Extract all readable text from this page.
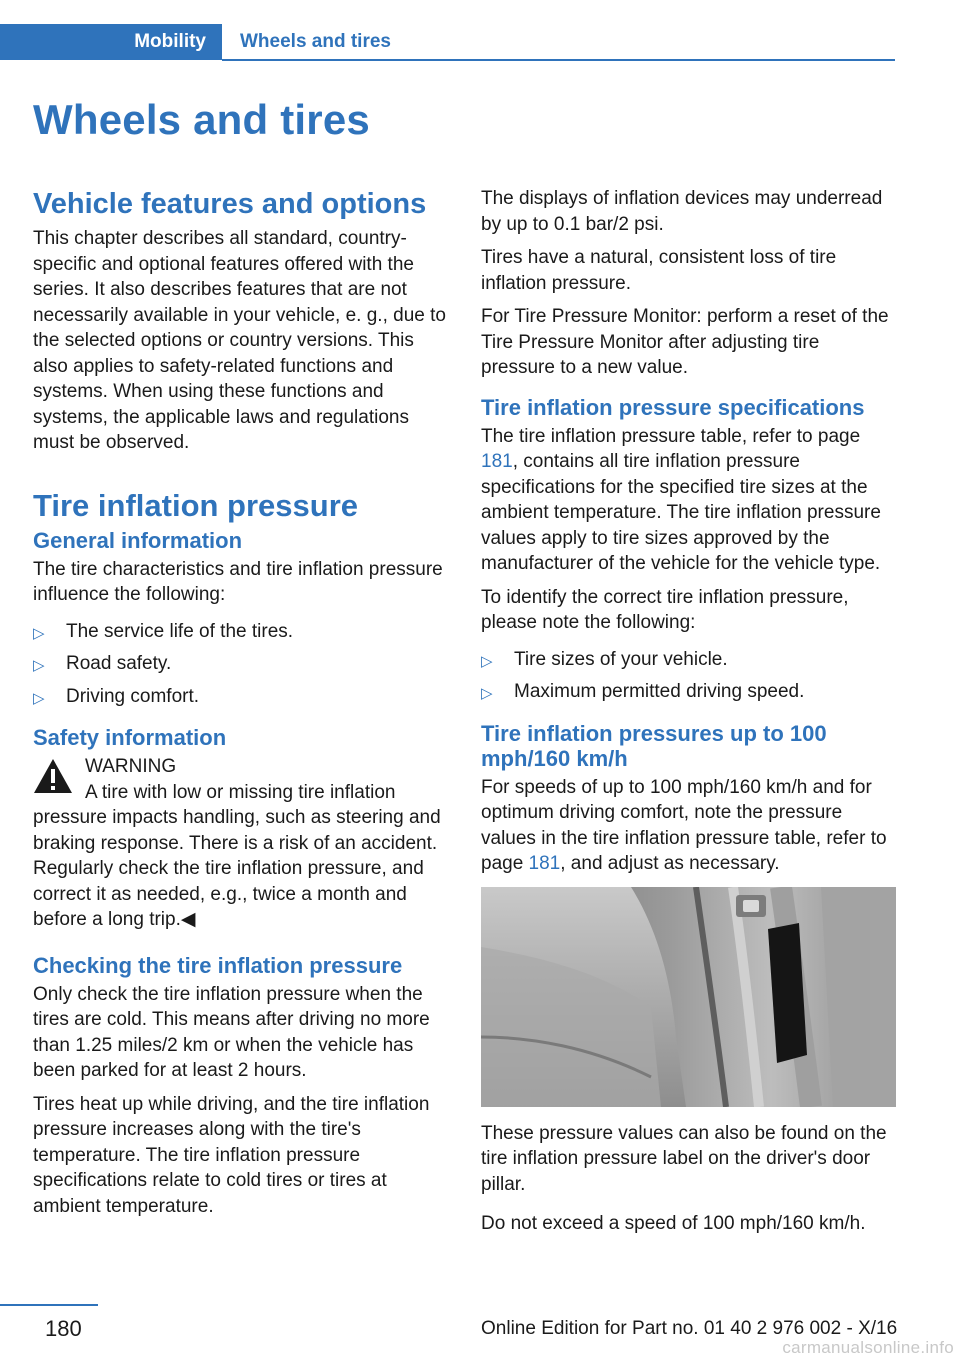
Mobility	Wheels and tires
Wheels and tires
Vehicle features and options

This chapter describes all standard, country-specific and optional features offered with the series. It also describes features that are not necessarily available in your vehicle, e. g., due to the selected options or country versions. This also applies to safety-related functions and systems. When using these functions and systems, the applicable laws and regulations must be observed.

Tire inflation pressure
General information

The tire characteristics and tire inflation pressure influence the following:

▷ The service life of the tires.
▷ Road safety.
▷ Driving comfort.
Safety information
WARNING
A tire with low or missing tire inflation
pressure impacts handling, such as steering and braking response. There is a risk of an accident. Regularly check the tire inflation pressure, and correct it as needed, e.g., twice a month and before a long trip.◀
Checking the tire inflation pressure

Only check the tire inflation pressure when the tires are cold. This means after driving no more than 1.25 miles/2 km or when the vehicle has been parked for at least 2 hours.

Tires heat up while driving, and the tire inflation pressure increases along with the tire's temperature. The tire inflation pressure specifications relate to cold tires or tires at ambient temperature.

The displays of inflation devices may underread by up to 0.1 bar/2 psi.

Tires have a natural, consistent loss of tire inflation pressure.

For Tire Pressure Monitor: perform a reset of the Tire Pressure Monitor after adjusting tire pressure to a new value.

Tire inflation pressure specifications

The tire inflation pressure table, refer to page 181, contains all tire inflation pressure specifications for the specified tire sizes at the ambient temperature. The tire inflation pressure values apply to tire sizes approved by the manufacturer of the vehicle for the vehicle type.

To identify the correct tire inflation pressure, please note the following:

▷ Tire sizes of your vehicle.
▷ Maximum permitted driving speed.
Tire inflation pressures up to 100 mph/160 km/h

For speeds of up to 100 mph/160 km/h and for optimum driving comfort, note the pressure values in the tire inflation pressure table, refer to page 181, and adjust as necessary.

These pressure values can also be found on the tire inflation pressure label on the driver's door pillar.

Do not exceed a speed of 100 mph/160 km/h.

180	Online Edition for Part no. 01 40 2 976 002 - X/16
carmanualsonline.info
